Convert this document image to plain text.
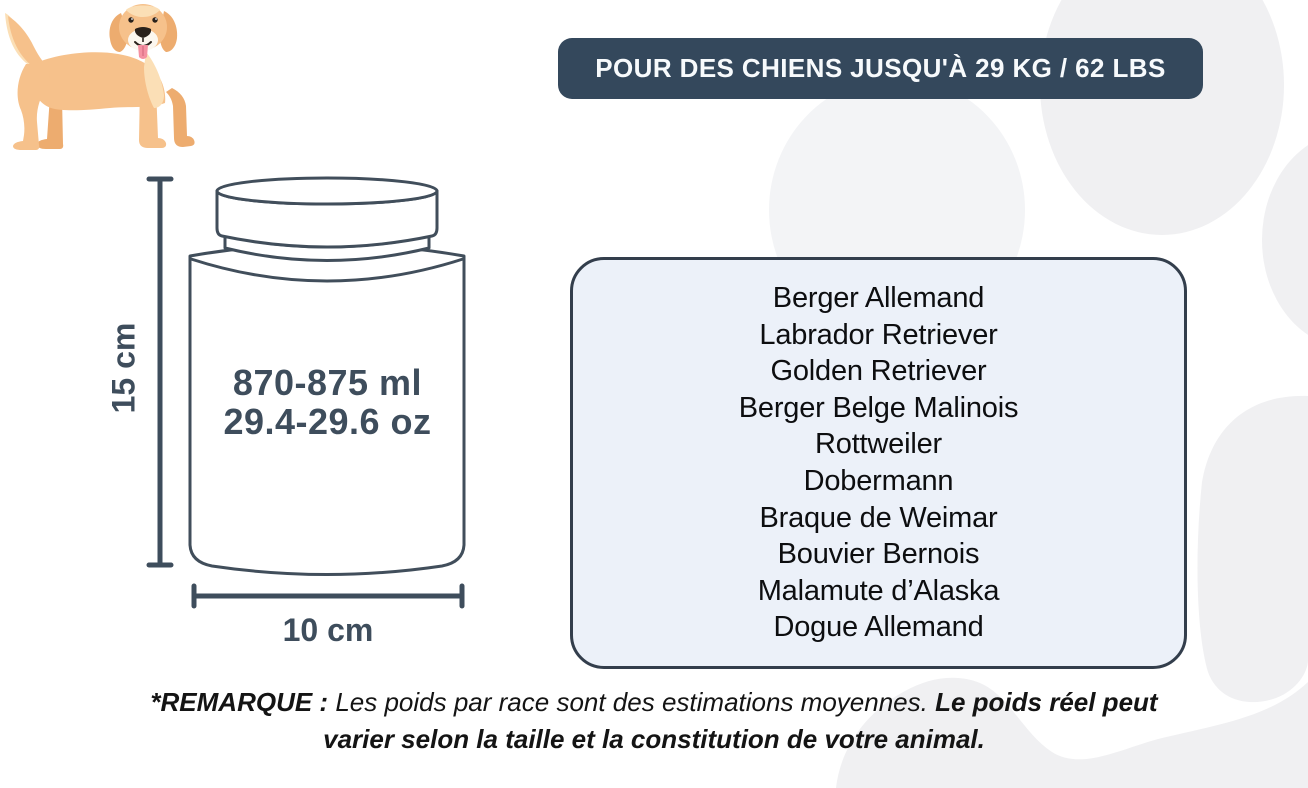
POUR DES CHIENS JUSQU'À 29 KG / 62 LBS
870-875 ml
29.4-29.6 oz
15 cm
10 cm
Berger Allemand
Labrador Retriever
Golden Retriever
Berger Belge Malinois
Rottweiler
Dobermann
Braque de Weimar
Bouvier Bernois
Malamute d’Alaska
Dogue Allemand
*REMARQUE : Les poids par race sont des estimations moyennes. Le poids réel peut
varier selon la taille et la constitution de votre animal.
